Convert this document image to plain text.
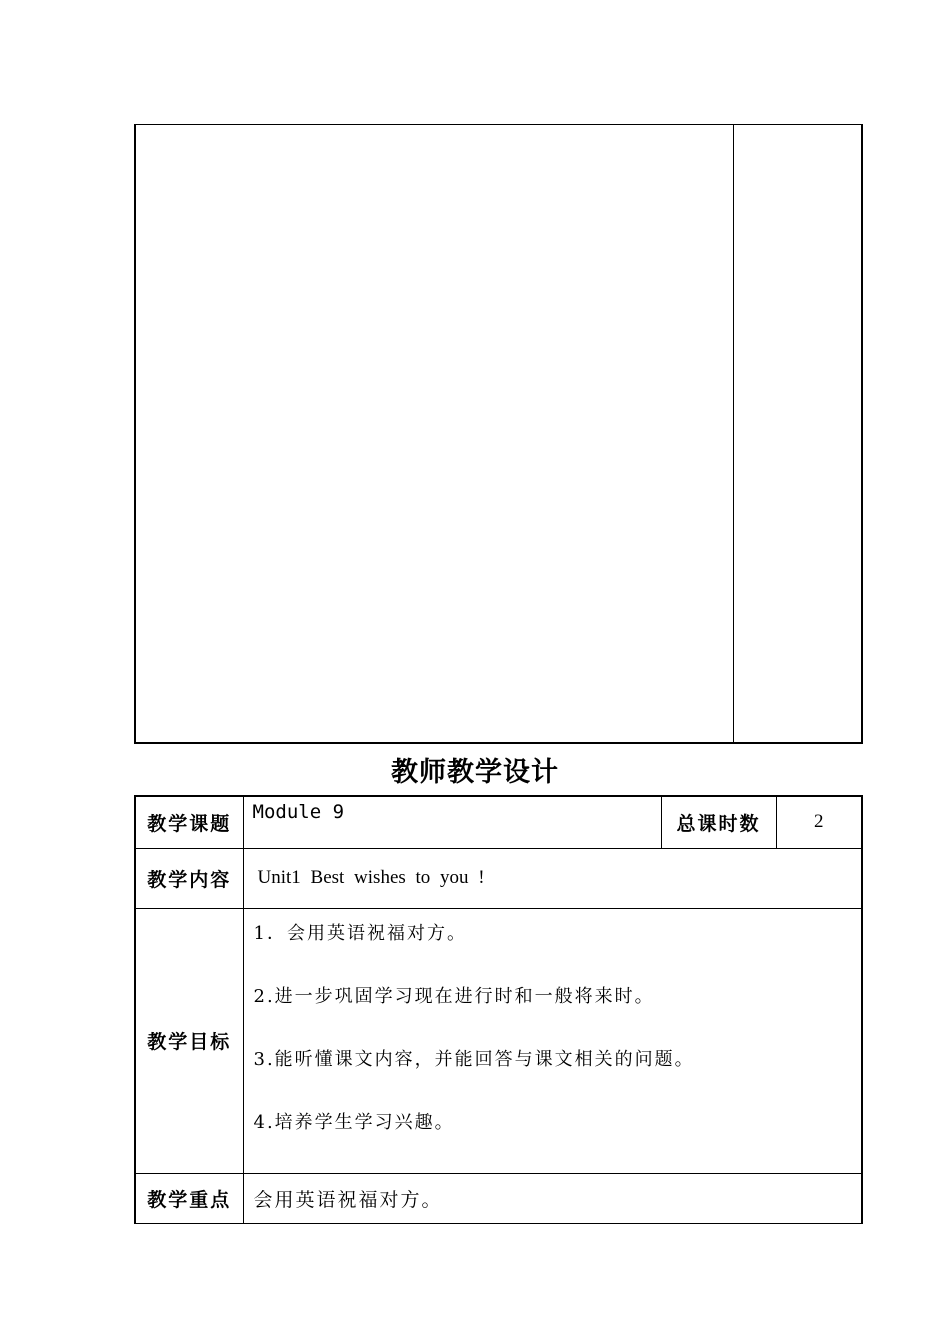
教师教学设计
教学课题	Module 9	总课时数	2
教学内容	Unit1 Best wishes to you !		
教学目标	1．会用英语祝福对方。
2.进一步巩固学习现在进行时和一般将来时。
3.能听懂课文内容，并能回答与课文相关的问题。
4.培养学生学习兴趣。		

教学重点	会用英语祝福对方。		
